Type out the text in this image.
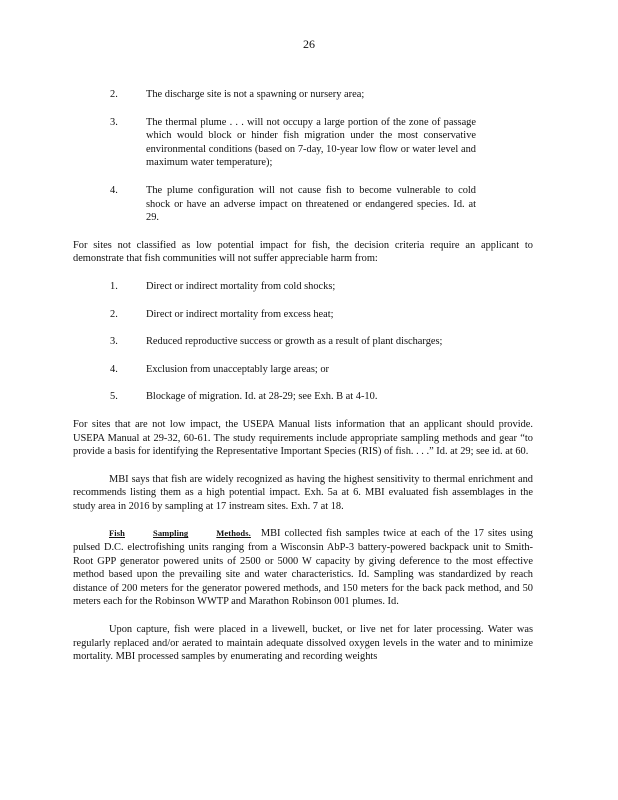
26
2.	The discharge site is not a spawning or nursery area;
3.	The thermal plume . . . will not occupy a large portion of the zone of passage which would block or hinder fish migration under the most conservative environmental conditions (based on 7-day, 10-year low flow or water level and maximum water temperature);
4.	The plume configuration will not cause fish to become vulnerable to cold shock or have an adverse impact on threatened or endangered species. Id. at 29.
For sites not classified as low potential impact for fish, the decision criteria require an applicant to demonstrate that fish communities will not suffer appreciable harm from:
1.	Direct or indirect mortality from cold shocks;
2.	Direct or indirect mortality from excess heat;
3.	Reduced reproductive success or growth as a result of plant discharges;
4.	Exclusion from unacceptably large areas; or
5.	Blockage of migration. Id. at 28-29; see Exh. B at 4-10.
For sites that are not low impact, the USEPA Manual lists information that an applicant should provide. USEPA Manual at 29-32, 60-61. The study requirements include appropriate sampling methods and gear “to provide a basis for identifying the Representative Important Species (RIS) of fish. . . .” Id. at 29; see id. at 60.
MBI says that fish are widely recognized as having the highest sensitivity to thermal enrichment and recommends listing them as a high potential impact. Exh. 5a at 6. MBI evaluated fish assemblages in the study area in 2016 by sampling at 17 instream sites. Exh. 7 at 18.
Fish	Sampling	Methods. MBI collected fish samples twice at each of the 17 sites using pulsed D.C. electrofishing units ranging from a Wisconsin AbP-3 battery-powered backpack unit to Smith-Root GPP generator powered units of 2500 or 5000 W capacity by giving deference to the most effective method based upon the prevailing site and water characteristics. Id. Sampling was standardized by reach distance of 200 meters for the generator powered methods, and 150 meters for the back pack method, and 50 meters each for the Robinson WWTP and Marathon Robinson 001 plumes. Id.
Upon capture, fish were placed in a livewell, bucket, or live net for later processing. Water was regularly replaced and/or aerated to maintain adequate dissolved oxygen levels in the water and to minimize mortality. MBI processed samples by enumerating and recording weights
